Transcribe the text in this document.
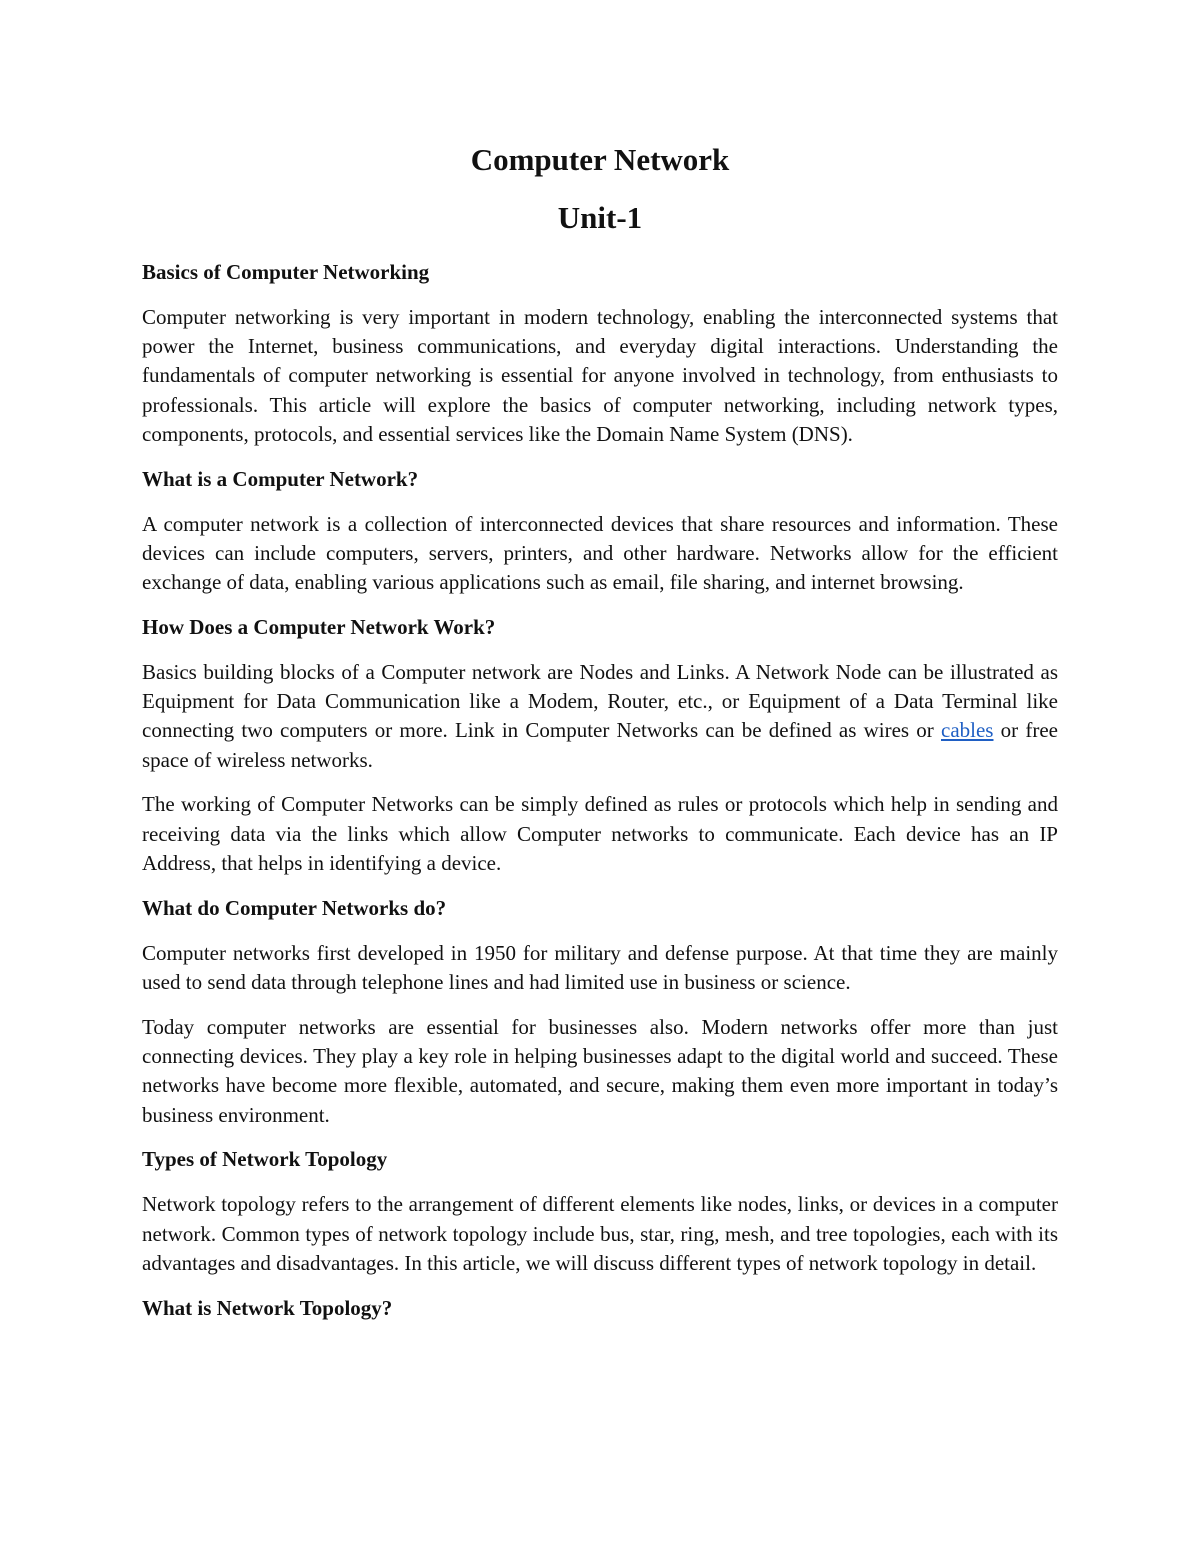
Computer Network
Unit-1
Basics of Computer Networking

Computer networking is very important in modern technology, enabling the interconnected systems that power the Internet, business communications, and everyday digital interactions. Understanding the fundamentals of computer networking is essential for anyone involved in technology, from enthusiasts to professionals. This article will explore the basics of computer networking, including network types, components, protocols, and essential services like the Domain Name System (DNS).

What is a Computer Network?

A computer network is a collection of interconnected devices that share resources and information. These devices can include computers, servers, printers, and other hardware. Networks allow for the efficient exchange of data, enabling various applications such as email, file sharing, and internet browsing.

How Does a Computer Network Work?

Basics building blocks of a Computer network are Nodes and Links. A Network Node can be illustrated as Equipment for Data Communication like a Modem, Router, etc., or Equipment of a Data Terminal like connecting two computers or more. Link in Computer Networks can be defined as wires or cables or free space of wireless networks.

The working of Computer Networks can be simply defined as rules or protocols which help in sending and receiving data via the links which allow Computer networks to communicate. Each device has an IP Address, that helps in identifying a device.

What do Computer Networks do?

Computer networks first developed in 1950 for military and defense purpose. At that time they are mainly used to send data through telephone lines and had limited use in business or science.

Today computer networks are essential for businesses also. Modern networks offer more than just connecting devices. They play a key role in helping businesses adapt to the digital world and succeed. These networks have become more flexible, automated, and secure, making them even more important in today’s business environment.

Types of Network Topology

Network topology refers to the arrangement of different elements like nodes, links, or devices in a computer network. Common types of network topology include bus, star, ring, mesh, and tree topologies, each with its advantages and disadvantages. In this article, we will discuss different types of network topology in detail.

What is Network Topology?
